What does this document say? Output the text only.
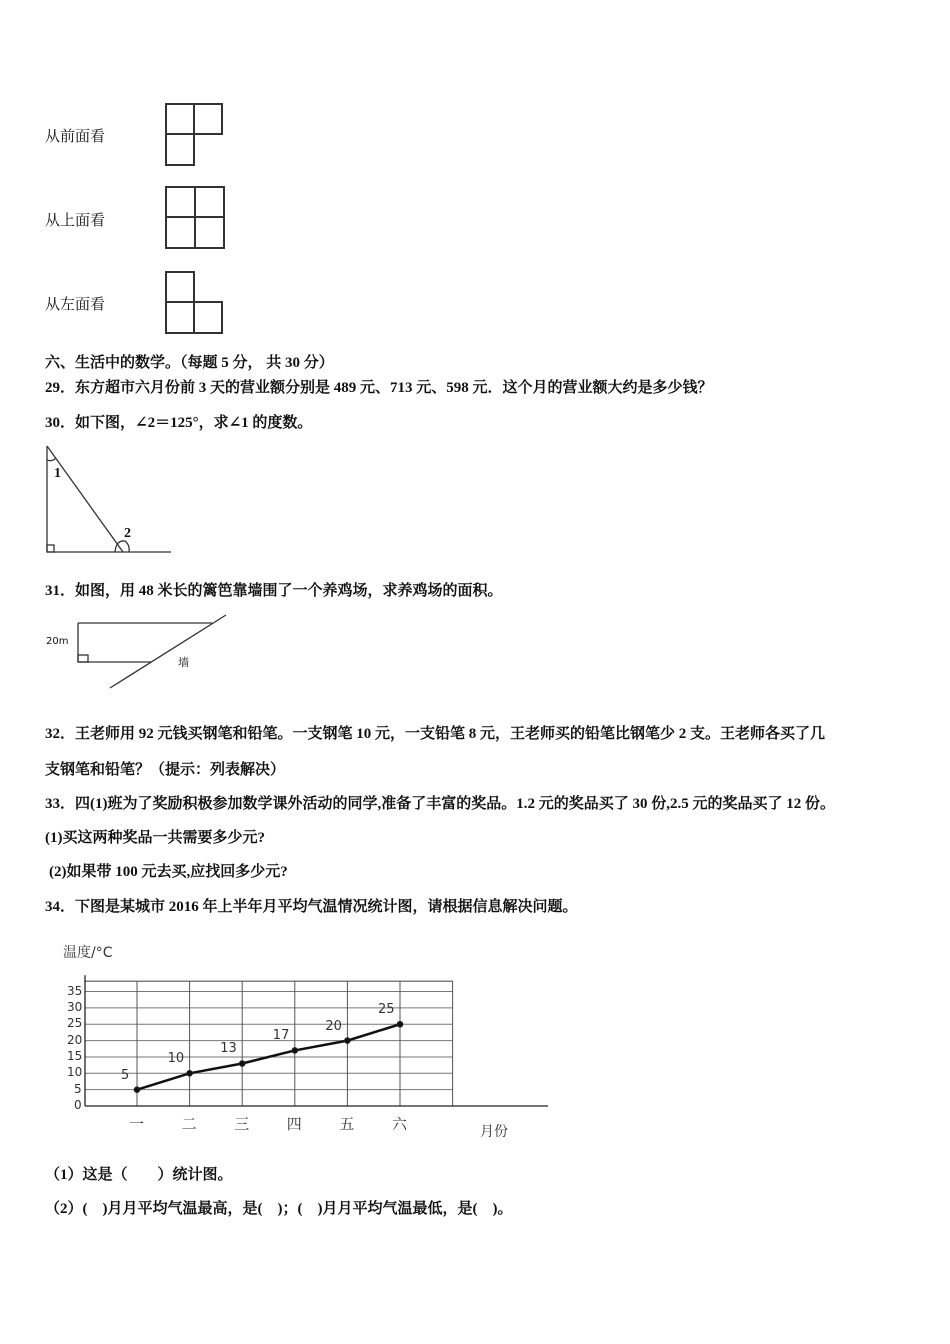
从前面看
从上面看
从左面看
1
2
20m
墙
六、生活中的数学。（每题 5 分， 共 30 分）
29．东方超市六月份前 3 天的营业额分别是 489 元、713 元、598 元．这个月的营业额大约是多少钱？
30．如下图，∠2＝125°，求∠1 的度数。
31．如图，用 48 米长的篱笆靠墙围了一个养鸡场，求养鸡场的面积。
32．王老师用 92 元钱买钢笔和铅笔。一支钢笔 10 元，一支铅笔 8 元，王老师买的铅笔比钢笔少 2 支。王老师各买了几
支钢笔和铅笔？（提示：列表解决）
33．四(1)班为了奖励积极参加数学课外活动的同学,准备了丰富的奖品。1.2 元的奖品买了 30 份,2.5 元的奖品买了 12 份。
(1)买这两种奖品一共需要多少元?
(2)如果带 100 元去买,应找回多少元?
34．下图是某城市 2016 年上半年月平均气温情况统计图，请根据信息解决问题。
（1）这是（　　）统计图。
（2）(　)月月平均气温最高，是(　)；(　)月月平均气温最低，是(　)。
温度/°C
月份
0
5
10
15
20
25
30
35
一	二	三	四	五	六
5
10
13
17
20
25
